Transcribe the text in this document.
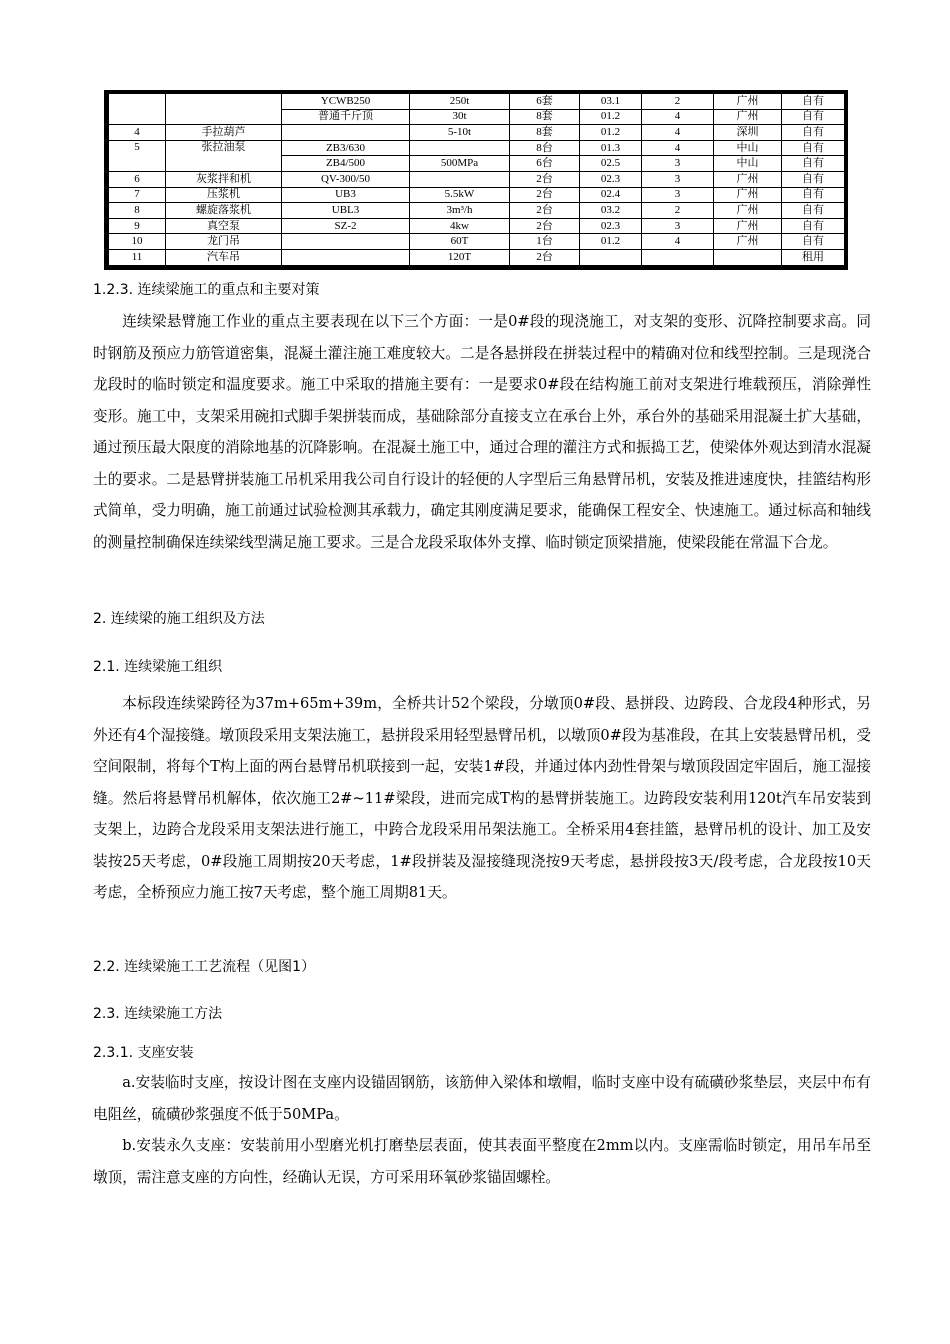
		YCWB250	250t	6套	03.1	2	广州	自有
		普通千斤顶	30t	8套	01.2	4	广州	自有
4	手拉葫芦		5-10t	8套	01.2	4	深圳	自有
5	张拉油泵	ZB3/630		8台	01.3	4	中山	自有
		ZB4/500	500MPa	6台	02.5	3	中山	自有
6	灰浆拌和机	QV-300/50		2台	02.3	3	广州	自有
7	压浆机	UB3	5.5kW	2台	02.4	3	广州	自有
8	螺旋落浆机	UBL3	3m³/h	2台	03.2	2	广州	自有
9	真空泵	SZ-2	4kw	2台	02.3	3	广州	自有
10	龙门吊		60T	1台	01.2	4	广州	自有
11	汽车吊		120T	2台				租用
1.2.3. 连续梁施工的重点和主要对策

连续梁悬臂施工作业的重点主要表现在以下三个方面：一是0#段的现浇施工，对支架的变形、沉降控制要求高。同时钢筋及预应力筋管道密集，混凝土灌注施工难度较大。二是各悬拼段在拼装过程中的精确对位和线型控制。三是现浇合龙段时的临时锁定和温度要求。施工中采取的措施主要有：一是要求0#段在结构施工前对支架进行堆载预压，消除弹性变形。施工中，支架采用碗扣式脚手架拼装而成，基础除部分直接支立在承台上外，承台外的基础采用混凝土扩大基础，通过预压最大限度的消除地基的沉降影响。在混凝土施工中，通过合理的灌注方式和振捣工艺，使梁体外观达到清水混凝土的要求。二是悬臂拼装施工吊机采用我公司自行设计的轻便的人字型后三角悬臂吊机，安装及推进速度快，挂篮结构形式简单，受力明确，施工前通过试验检测其承载力，确定其刚度满足要求，能确保工程安全、快速施工。通过标高和轴线的测量控制确保连续梁线型满足施工要求。三是合龙段采取体外支撑、临时锁定顶梁措施，使梁段能在常温下合龙。

2. 连续梁的施工组织及方法
2.1. 连续梁施工组织

本标段连续梁跨径为37m+65m+39m，全桥共计52个梁段，分墩顶0#段、悬拼段、边跨段、合龙段4种形式，另外还有4个湿接缝。墩顶段采用支架法施工，悬拼段采用轻型悬臂吊机，以墩顶0#段为基准段，在其上安装悬臂吊机，受空间限制，将每个T构上面的两台悬臂吊机联接到一起，安装1#段，并通过体内劲性骨架与墩顶段固定牢固后，施工湿接缝。然后将悬臂吊机解体，依次施工2#~11#梁段，进而完成T构的悬臂拼装施工。边跨段安装利用120t汽车吊安装到支架上，边跨合龙段采用支架法进行施工，中跨合龙段采用吊架法施工。全桥采用4套挂篮，悬臂吊机的设计、加工及安装按25天考虑，0#段施工周期按20天考虑，1#段拼装及湿接缝现浇按9天考虑，悬拼段按3天/段考虑，合龙段按10天考虑，全桥预应力施工按7天考虑，整个施工周期81天。

2.2. 连续梁施工工艺流程（见图1）
2.3. 连续梁施工方法
2.3.1. 支座安装

a.安装临时支座，按设计图在支座内设锚固钢筋，该筋伸入梁体和墩帽，临时支座中设有硫磺砂浆垫层，夹层中布有电阻丝，硫磺砂浆强度不低于50MPa。

b.安装永久支座：安装前用小型磨光机打磨垫层表面，使其表面平整度在2mm以内。支座需临时锁定，用吊车吊至墩顶，需注意支座的方向性，经确认无误，方可采用环氧砂浆锚固螺栓。
